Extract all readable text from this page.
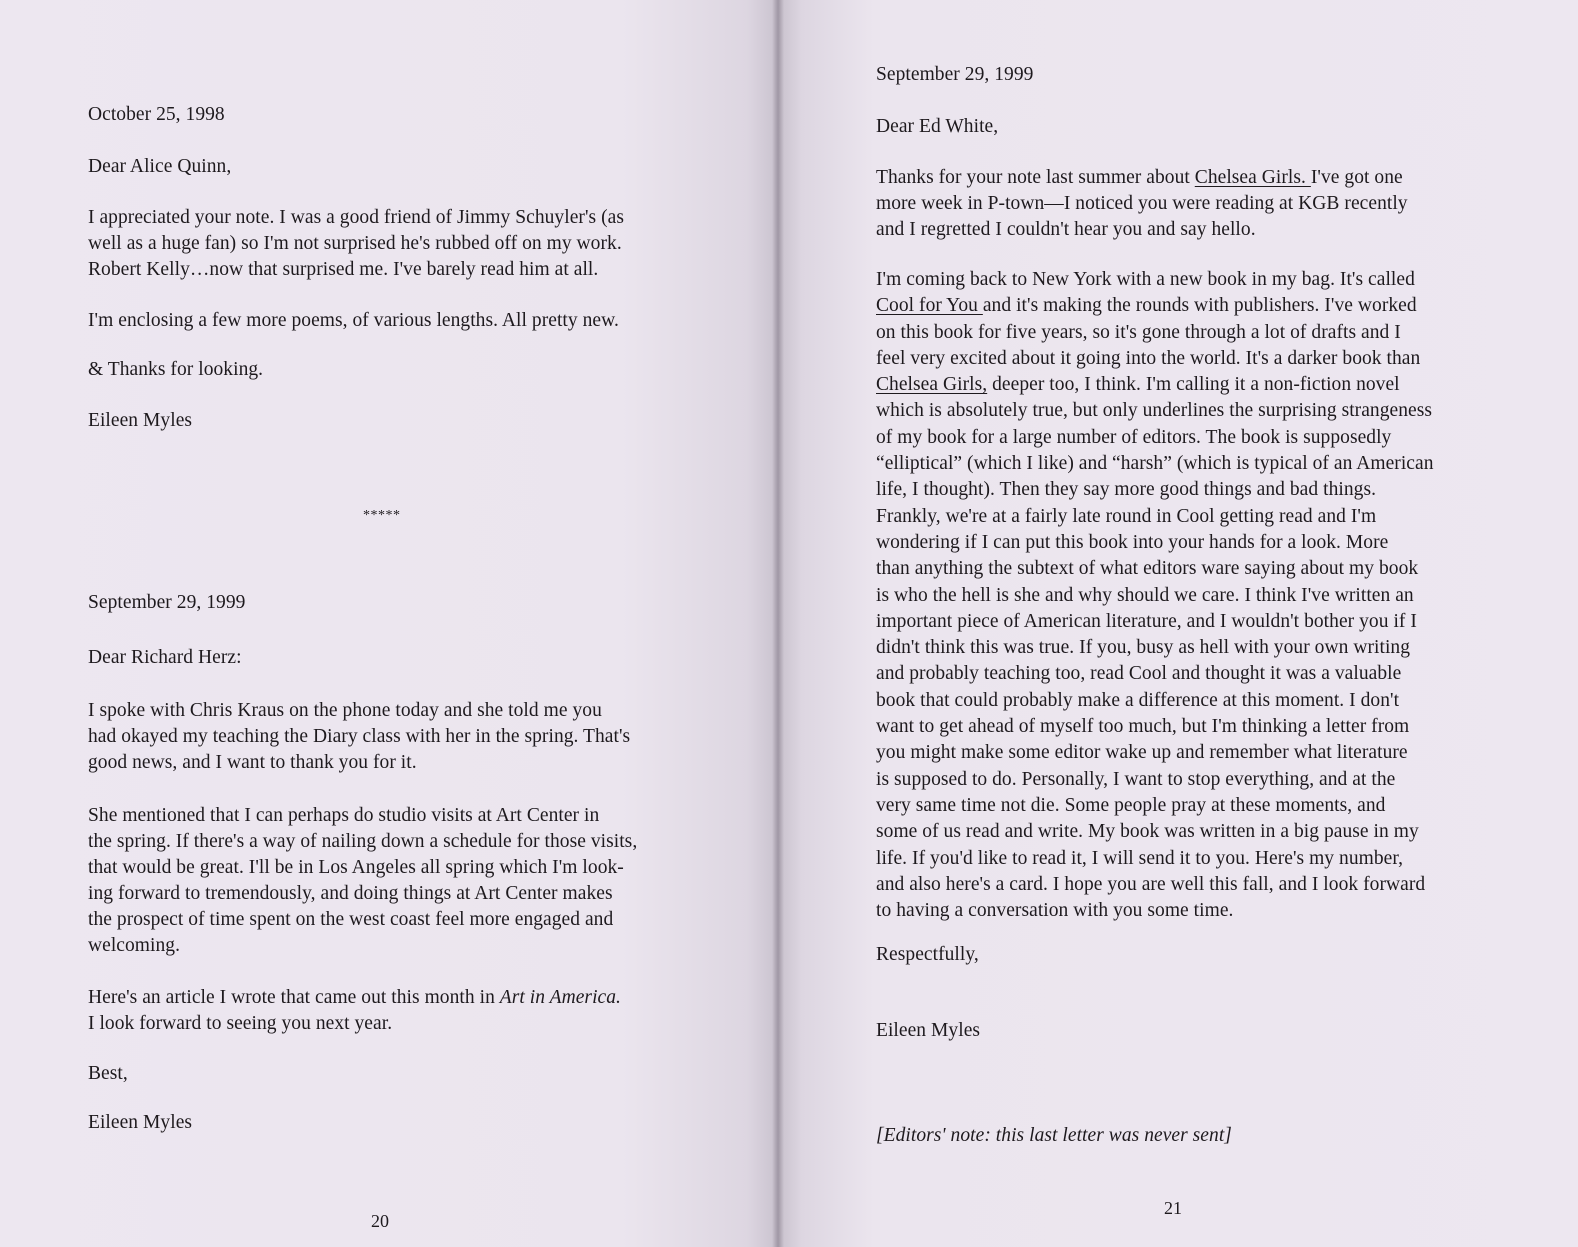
October 25, 1998
Dear Alice Quinn,
I appreciated your note. I was a good friend of Jimmy Schuyler's (as
well as a huge fan) so I'm not surprised he's rubbed off on my work.
Robert Kelly…now that surprised me. I've barely read him at all.
I'm enclosing a few more poems, of various lengths. All pretty new.
& Thanks for looking.
Eileen Myles
*****
September 29, 1999
Dear Richard Herz:
I spoke with Chris Kraus on the phone today and she told me you
had okayed my teaching the Diary class with her in the spring. That's
good news, and I want to thank you for it.
She mentioned that I can perhaps do studio visits at Art Center in
the spring. If there's a way of nailing down a schedule for those visits,
that would be great. I'll be in Los Angeles all spring which I'm look-
ing forward to tremendously, and doing things at Art Center makes
the prospect of time spent on the west coast feel more engaged and
welcoming.
Here's an article I wrote that came out this month in Art in America.
I look forward to seeing you next year.
Best,
Eileen Myles
20
September 29, 1999
Dear Ed White,
Thanks for your note last summer about Chelsea Girls. I've got one
more week in P-town—I noticed you were reading at KGB recently
and I regretted I couldn't hear you and say hello.
I'm coming back to New York with a new book in my bag. It's called
Cool for You and it's making the rounds with publishers. I've worked
on this book for five years, so it's gone through a lot of drafts and I
feel very excited about it going into the world. It's a darker book than
Chelsea Girls, deeper too, I think. I'm calling it a non-fiction novel
which is absolutely true, but only underlines the surprising strangeness
of my book for a large number of editors. The book is supposedly
“elliptical” (which I like) and “harsh” (which is typical of an American
life, I thought). Then they say more good things and bad things.
Frankly, we're at a fairly late round in Cool getting read and I'm
wondering if I can put this book into your hands for a look. More
than anything the subtext of what editors ware saying about my book
is who the hell is she and why should we care. I think I've written an
important piece of American literature, and I wouldn't bother you if I
didn't think this was true. If you, busy as hell with your own writing
and probably teaching too, read Cool and thought it was a valuable
book that could probably make a difference at this moment. I don't
want to get ahead of myself too much, but I'm thinking a letter from
you might make some editor wake up and remember what literature
is supposed to do. Personally, I want to stop everything, and at the
very same time not die. Some people pray at these moments, and
some of us read and write. My book was written in a big pause in my
life. If you'd like to read it, I will send it to you. Here's my number,
and also here's a card. I hope you are well this fall, and I look forward
to having a conversation with you some time.
Respectfully,
Eileen Myles
[Editors' note: this last letter was never sent]
21
